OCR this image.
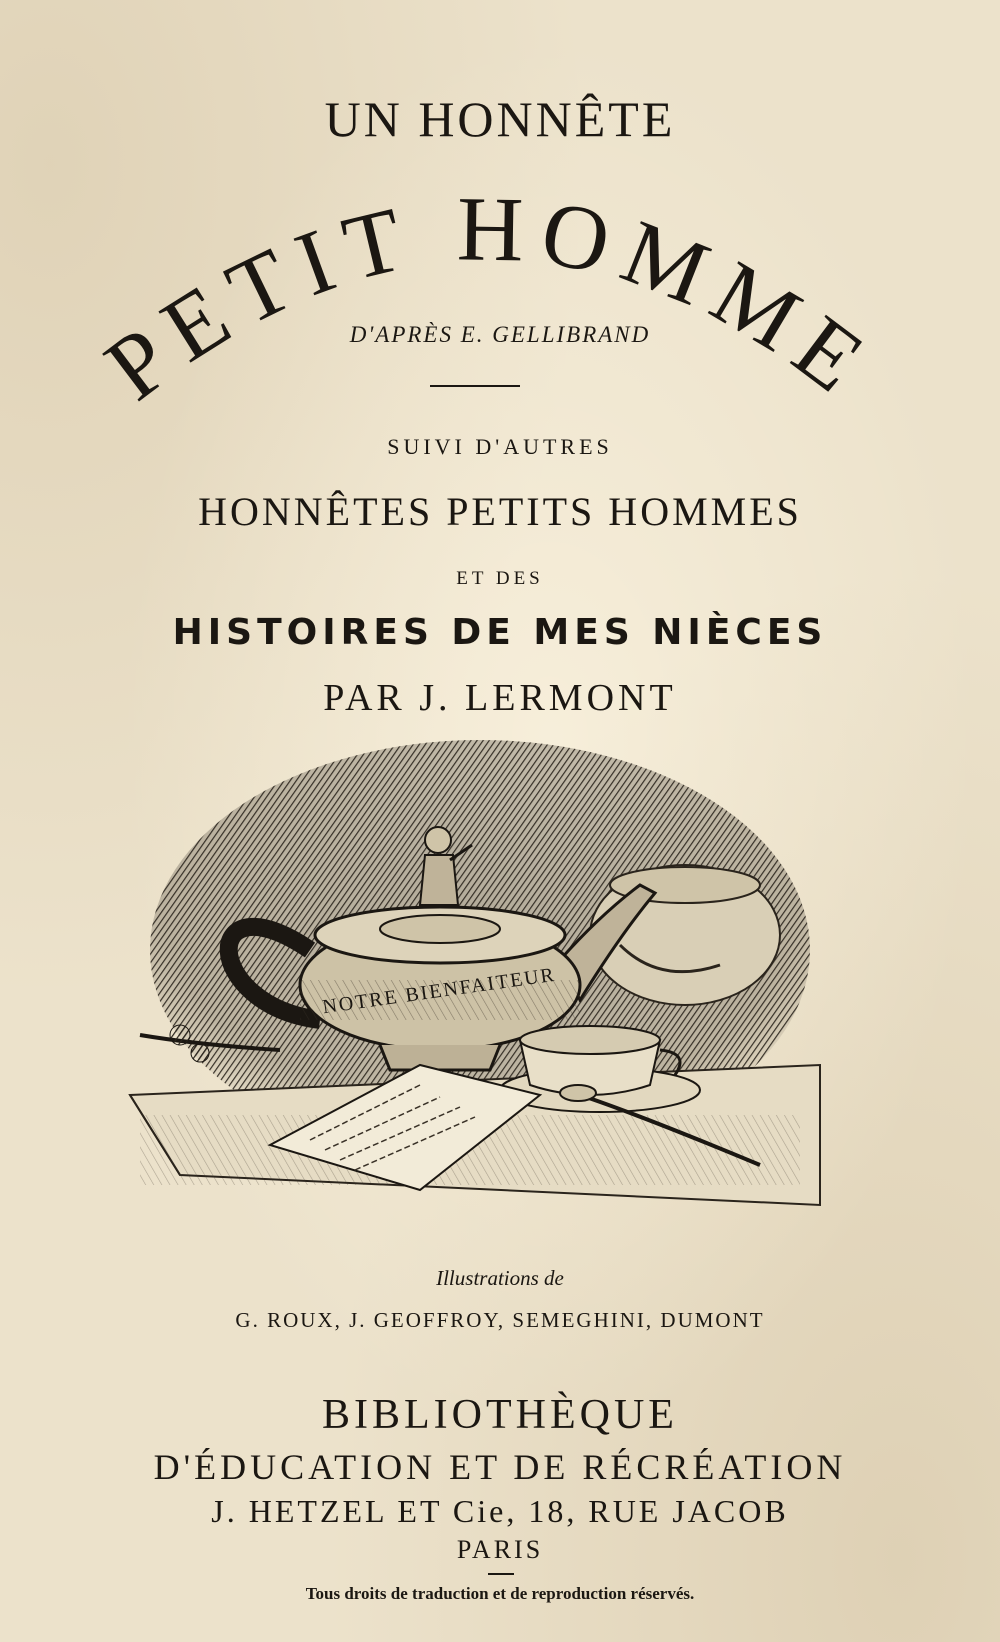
UN HONNÊTE
PETIT HOMME
D'APRÈS E. GELLIBRAND
SUIVI D'AUTRES
HONNÊTES PETITS HOMMES
ET DES
HISTOIRES DE MES NIÈCES
PAR J. LERMONT
NOTRE BIENFAITEUR
Illustrations de
G. ROUX, J. GEOFFROY, SEMEGHINI, DUMONT
BIBLIOTHÈQUE
D'ÉDUCATION ET DE RÉCRÉATION
J. HETZEL ET Cie, 18, RUE JACOB
PARIS
Tous droits de traduction et de reproduction réservés.
